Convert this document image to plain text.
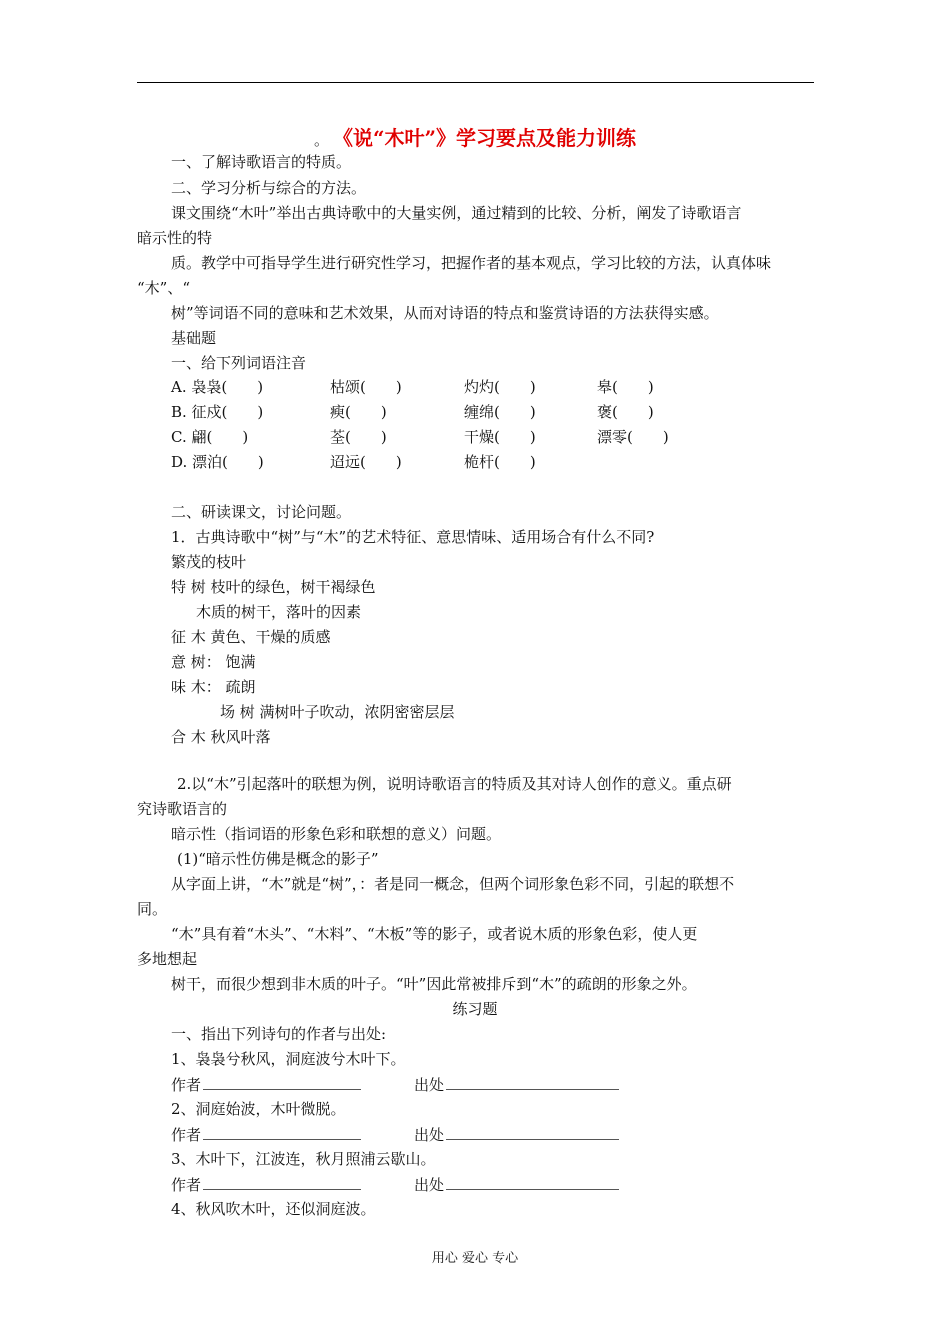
。 《说“木叶”》学习要点及能力训练
一、了解诗歌语言的特质。
二、学习分析与综合的方法。
课文围绕“木叶”举出古典诗歌中的大量实例，通过精到的比较、分析，阐发了诗歌语言
暗示性的特
质。教学中可指导学生进行研究性学习，把握作者的基本观点，学习比较的方法，认真体味
“木”、“
树”等词语不同的意味和艺术效果，从而对诗语的特点和鉴赏诗语的方法获得实感。
基础题
一、给下列词语注音
A. 袅袅(　　)	枯颂(　　)	灼灼(　　)	皋(　　)
B. 征戍(　　)	瘐(　　)	缠绵(　　)	褒(　　)
C. 翩(　　)	荃(　　)	干燥(　　)	漂零(　　)
D. 漂泊(　　)	迢远(　　)	桅杆(　　)
二、研读课文，讨论问题。
1．古典诗歌中“树”与“木”的艺术特征、意思情味、适用场合有什么不同?
繁茂的枝叶
特 树 枝叶的绿色，树干褐绿色
木质的树干，落叶的因素
征 木 黄色、干燥的质感
意 树： 饱满
味 木： 疏朗
场 树 满树叶子吹动，浓阴密密层层
合 木 秋风叶落
2.以“木”引起落叶的联想为例，说明诗歌语言的特质及其对诗人创作的意义。重点研
究诗歌语言的
暗示性（指词语的形象色彩和联想的意义）问题。
(1)“暗示性仿佛是概念的影子”
从字面上讲，“木”就是“树”，：者是同一概念，但两个词形象色彩不同，引起的联想不
同。
“木”具有着“木头”、“木料”、“木板”等的影子，或者说木质的形象色彩，使人更
多地想起
树干，而很少想到非木质的叶子。“叶”因此常被排斥到“木”的疏朗的形象之外。
练习题
一、指出下列诗句的作者与出处:
1、袅袅兮秋风，洞庭波兮木叶下。
作者	出处
2、洞庭始波，木叶微脱。
作者	出处
3、木叶下，江波连，秋月照浦云歇山。
作者	出处
4、秋风吹木叶，还似洞庭波。
用心 爱心 专心
